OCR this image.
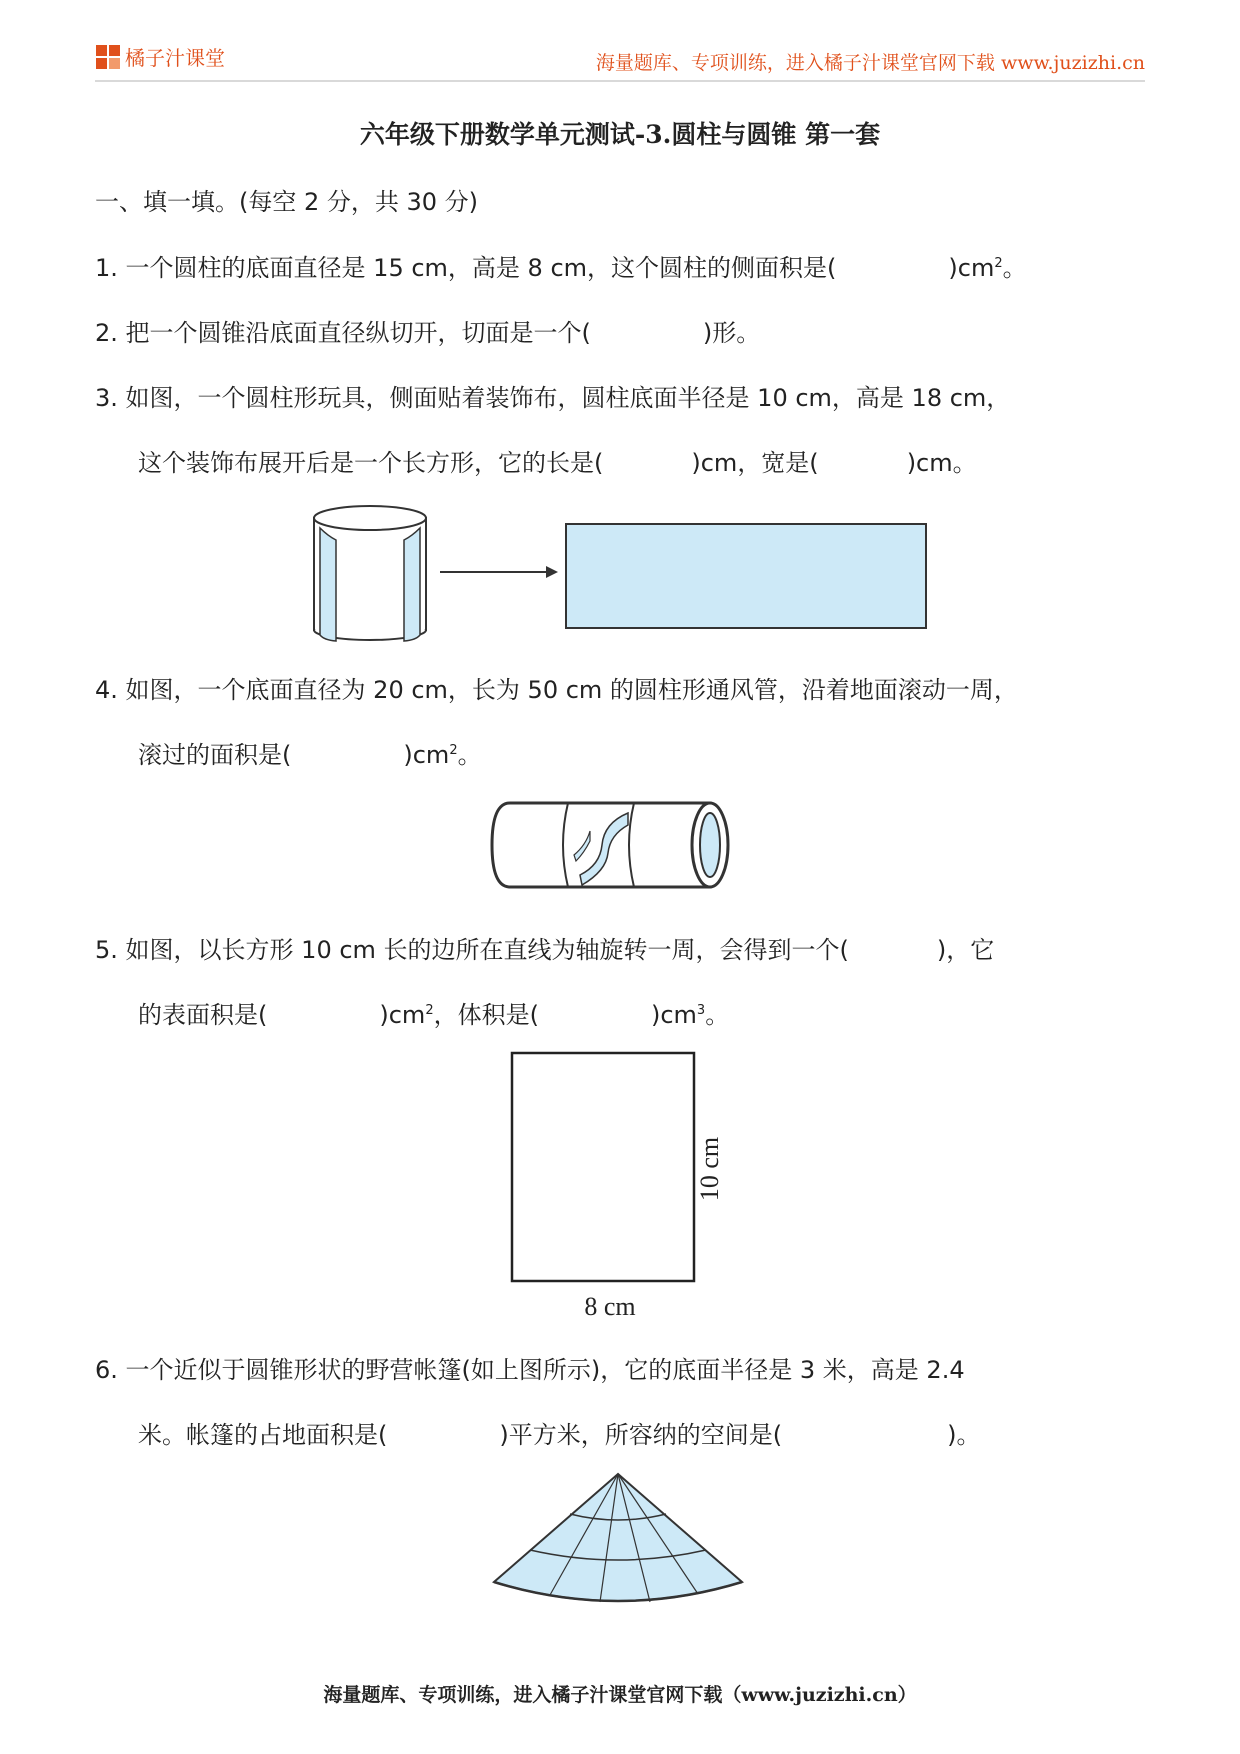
橘子汁课堂	海量题库、专项训练，进入橘子汁课堂官网下载 www.juzizhi.cn
六年级下册数学单元测试-3.圆柱与圆锥 第一套
一、填一填。(每空 2 分，共 30 分)
1. 一个圆柱的底面直径是 15 cm，高是 8 cm，这个圆柱的侧面积是(	)$cm^2$。
2. 把一个圆锥沿底面直径纵切开，切面是一个(	)形。
3. 如图，一个圆柱形玩具，侧面贴着装饰布，圆柱底面半径是 10 cm，高是 18 cm，
这个装饰布展开后是一个长方形，它的长是(	)cm，宽是(	)cm。
4. 如图，一个底面直径为 20 cm，长为 50 cm 的圆柱形通风管，沿着地面滚动一周，
滚过的面积是(	)$cm^2$。
5. 如图，以长方形 10 cm 长的边所在直线为轴旋转一周，会得到一个(	)，它
的表面积是(	)$cm^2$，体积是(	)$cm^3$。
10 cm
8 cm
6. 一个近似于圆锥形状的野营帐篷(如上图所示)，它的底面半径是 3 米，高是 2.4
米。帐篷的占地面积是(	)平方米，所容纳的空间是(	)。
海量题库、专项训练，进入橘子汁课堂官网下载（www.juzizhi.cn）
